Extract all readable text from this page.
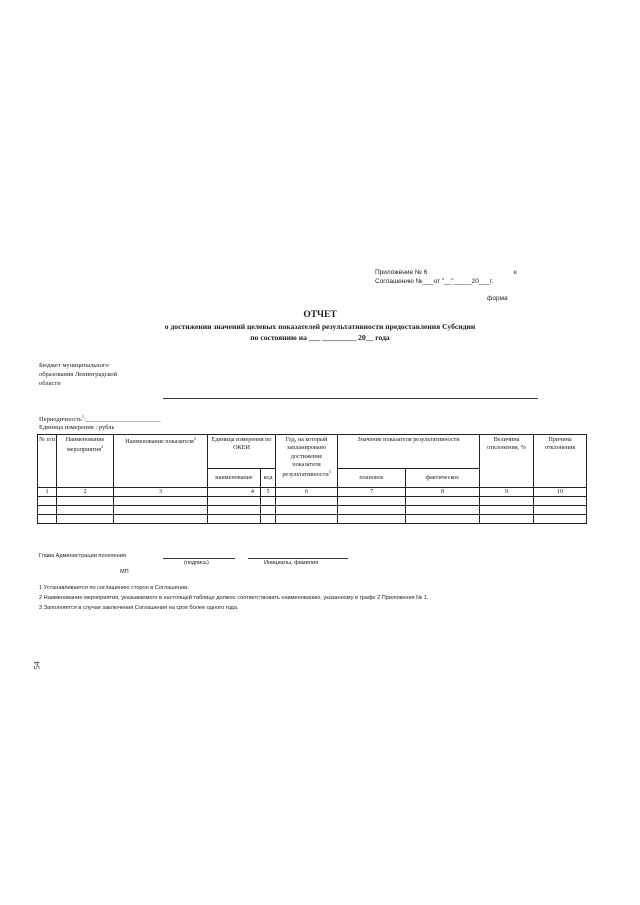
Приложение № 6	к
Соглашению №___от "__"_____20___г.
форма
ОТЧЕТ
о достижении значений целевых показателей результативности предоставления Субсидии
по состоянию на ___ _________ 20__ года
Бюджет муниципального
образования Ленинградской
области
Периодичность$^1$:_______________________
Единица измерения : рубль
№ п/п	Наименование мероприятия$^2$	Наименование показателя$^3$	Единица измерения по ОКЕИ		Год, на который запланировано достижение показателя результативности$^3$	Значение показателя результативности		Величина отклонения, %	Причина отклонения
			наименование	код		плановое	фактическое		
1	2	3	4	5	6	7	8	9	10

Глава Администрации поселения
(подпись)	Инициалы, фамилия
МП
1 Устанавливается по соглашению сторон в Соглашении.
2 Наименование мероприятия, указываемого в настоящей таблице должно соответствовать наименованию, указанному в графе 2 Приложения № 1.
3 Заполняется в случае заключения Соглашения на срок более одного года.
54
